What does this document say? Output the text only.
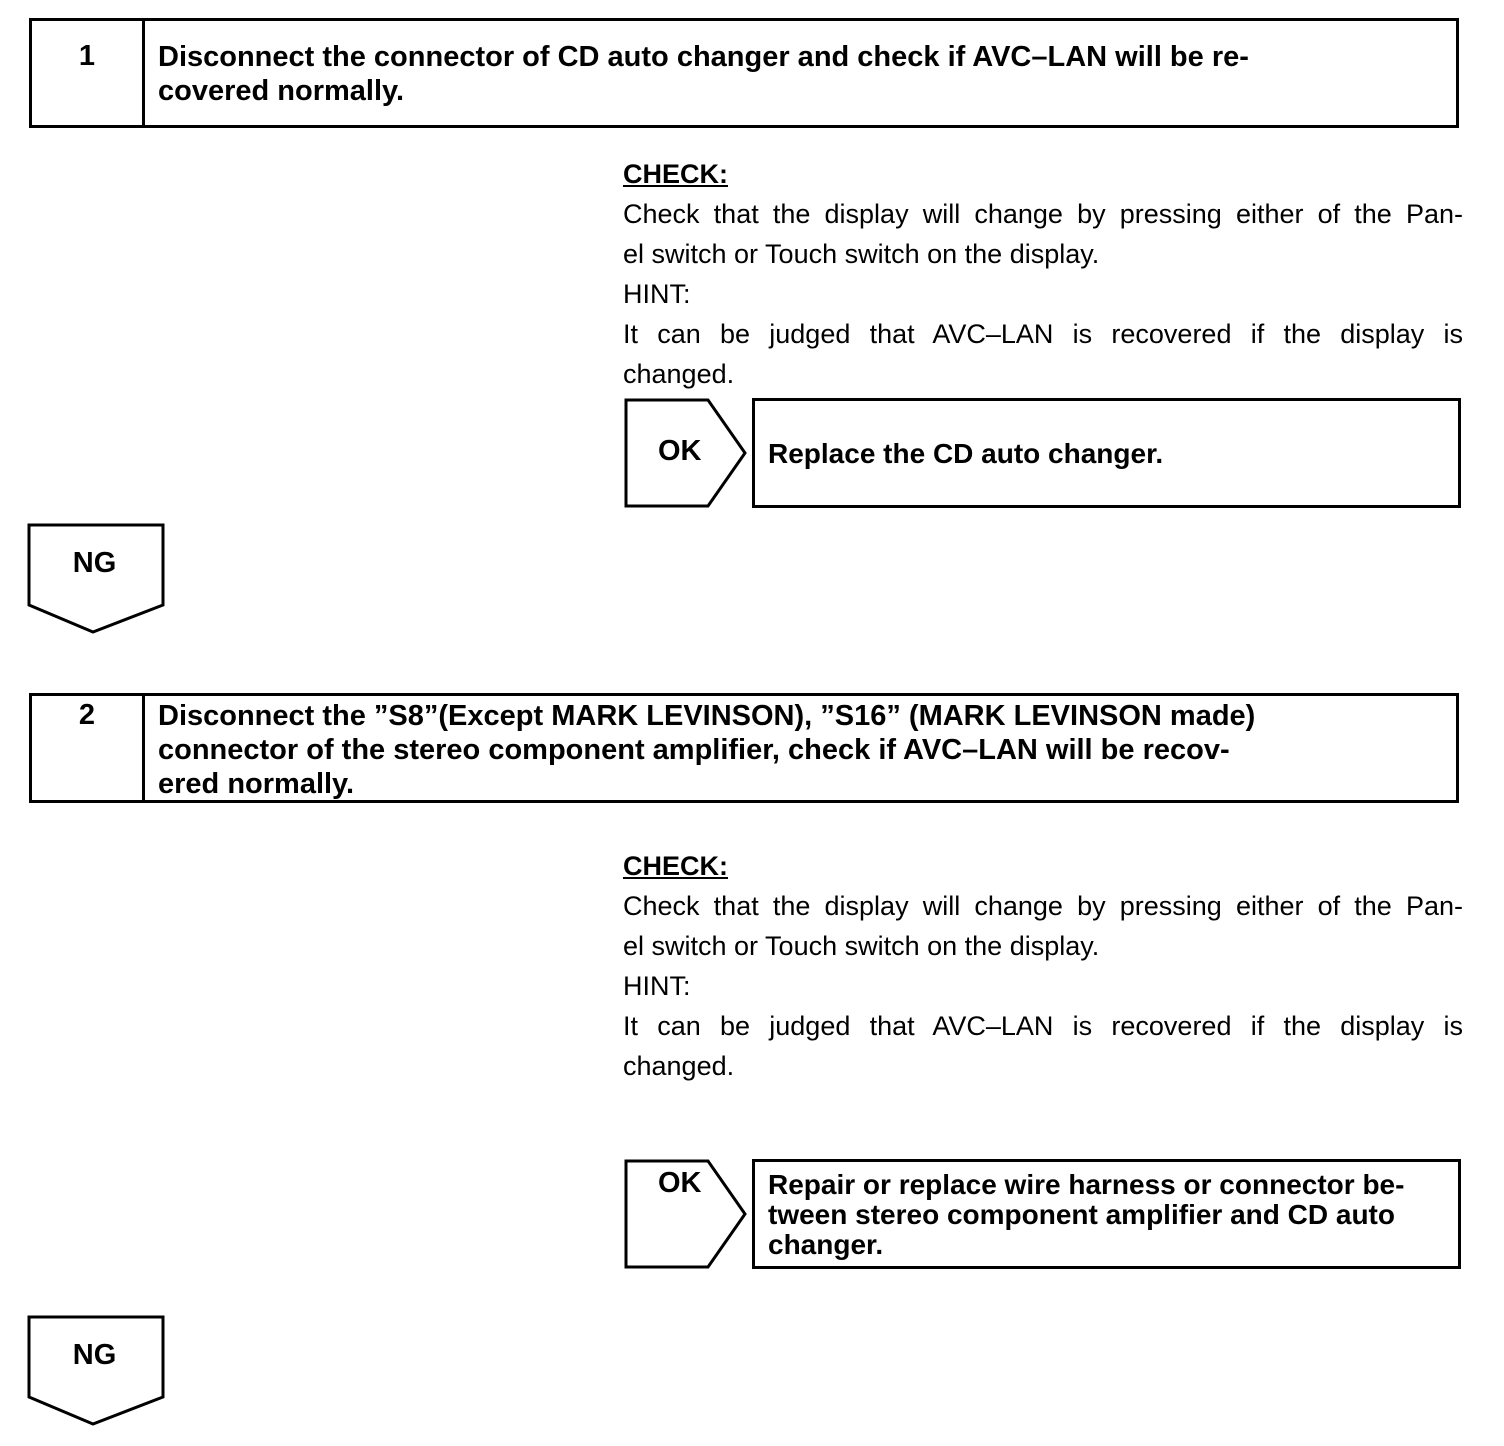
1 Disconnect the connector of CD auto changer and check if AVC–LAN will be re-
covered normally.
CHECK:
Check that the display will change by pressing either of the Pan-
el switch or Touch switch on the display.
HINT:
It can be judged that AVC–LAN is recovered if the display is
changed.
OK Replace the CD auto changer.
NG
2 Disconnect the ”S8”(Except MARK LEVINSON), ”S16” (MARK LEVINSON made)
connector of the stereo component amplifier, check if AVC–LAN will be recov-
ered normally.
CHECK:
Check that the display will change by pressing either of the Pan-
el switch or Touch switch on the display.
HINT:
It can be judged that AVC–LAN is recovered if the display is
changed.
OK Repair or replace wire harness or connector be-
tween stereo component amplifier and CD auto
changer.
NG
